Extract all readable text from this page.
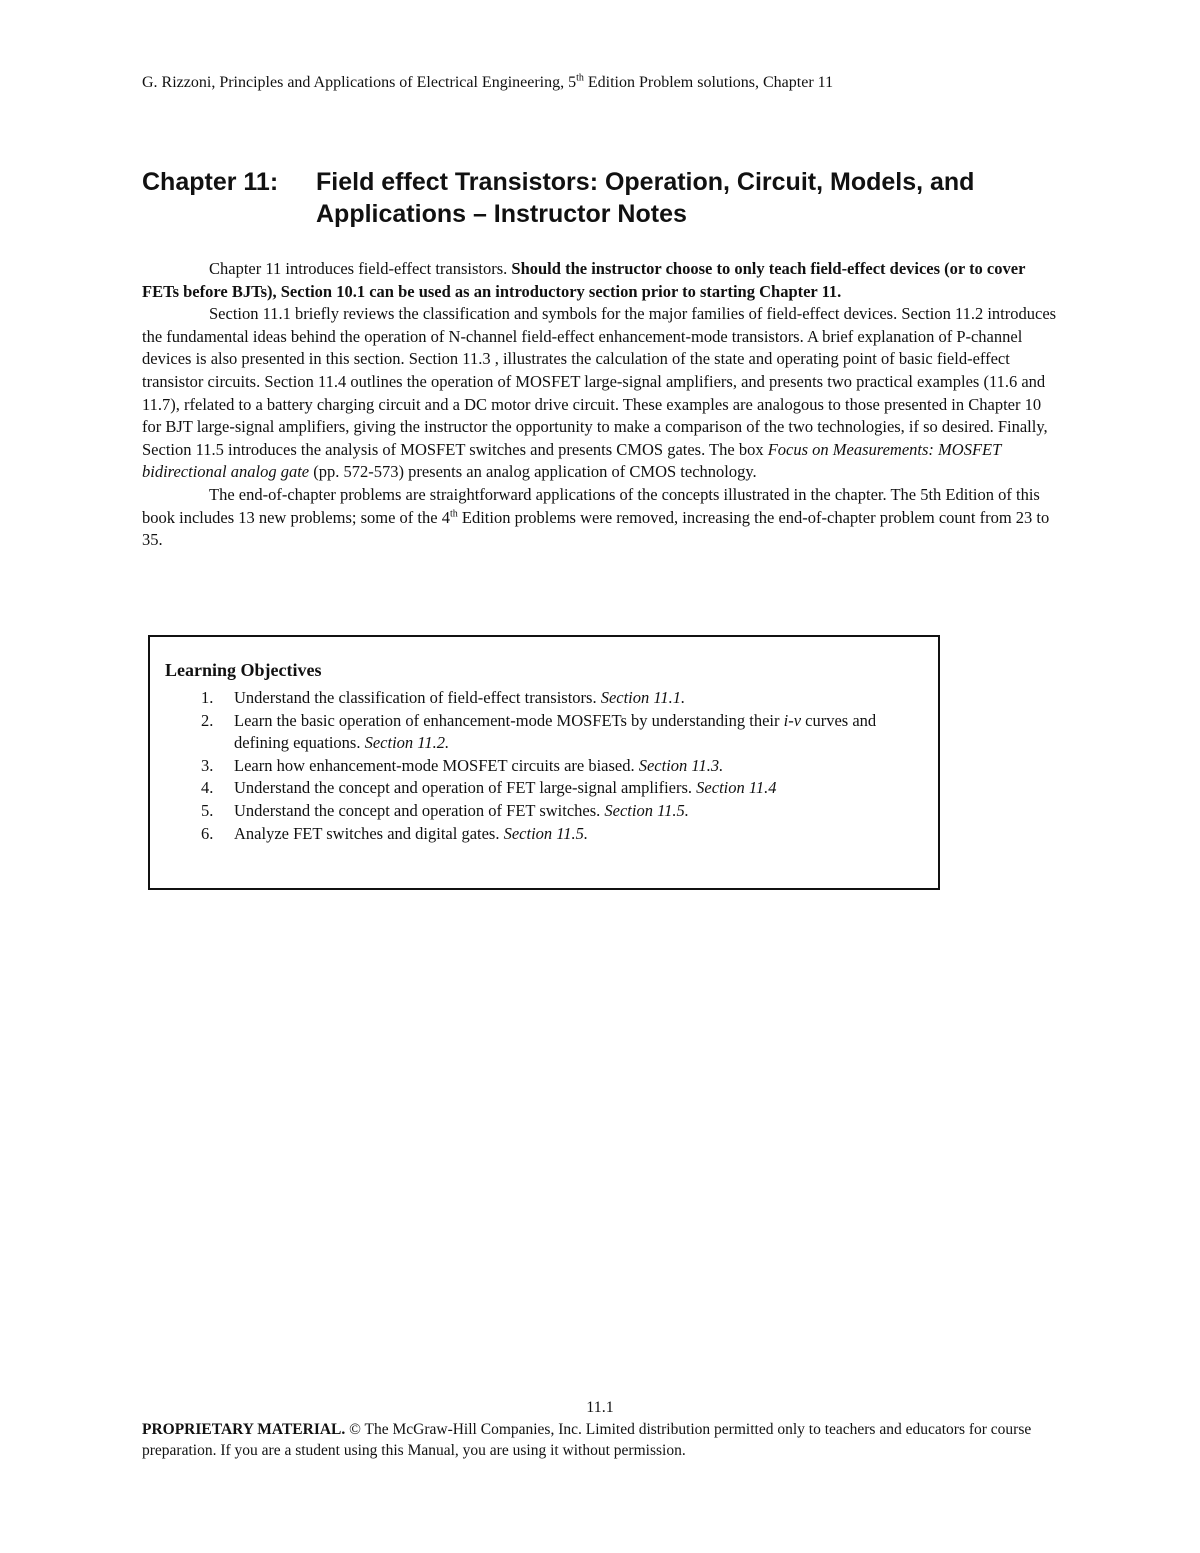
G. Rizzoni, Principles and Applications of Electrical Engineering, 5th Edition Problem solutions, Chapter 11
Chapter 11: Field effect Transistors: Operation, Circuit, Models, and
Applications – Instructor Notes

Chapter 11 introduces field-effect transistors. Should the instructor choose to only teach field-effect devices (or to cover FETs before BJTs), Section 10.1 can be used as an introductory section prior to starting Chapter 11.

Section 11.1 briefly reviews the classification and symbols for the major families of field-effect devices. Section 11.2 introduces the fundamental ideas behind the operation of N-channel field-effect enhancement-mode transistors. A brief explanation of P-channel devices is also presented in this section. Section 11.3 , illustrates the calculation of the state and operating point of basic field-effect transistor circuits. Section 11.4 outlines the operation of MOSFET large-signal amplifiers, and presents two practical examples (11.6 and 11.7), rfelated to a battery charging circuit and a DC motor drive circuit. These examples are analogous to those presented in Chapter 10 for BJT large-signal amplifiers, giving the instructor the opportunity to make a comparison of the two technologies, if so desired. Finally, Section 11.5 introduces the analysis of MOSFET switches and presents CMOS gates. The box Focus on Measurements: MOSFET bidirectional analog gate (pp. 572-573) presents an analog application of CMOS technology.

The end-of-chapter problems are straightforward applications of the concepts illustrated in the chapter. The 5th Edition of this book includes 13 new problems; some of the 4th Edition problems were removed, increasing the end-of-chapter problem count from 23 to 35.

Learning Objectives
1.	Understand the classification of field-effect transistors. Section 11.1.
2.	Learn the basic operation of enhancement-mode MOSFETs by understanding their i-v curves and defining equations. Section 11.2.
3.	Learn how enhancement-mode MOSFET circuits are biased. Section 11.3.
4.	Understand the concept and operation of FET large-signal amplifiers. Section 11.4
5.	Understand the concept and operation of FET switches. Section 11.5.
6.	Analyze FET switches and digital gates. Section 11.5.
11.1
PROPRIETARY MATERIAL. © The McGraw-Hill Companies, Inc. Limited distribution permitted only to teachers and educators for course preparation. If you are a student using this Manual, you are using it without permission.
